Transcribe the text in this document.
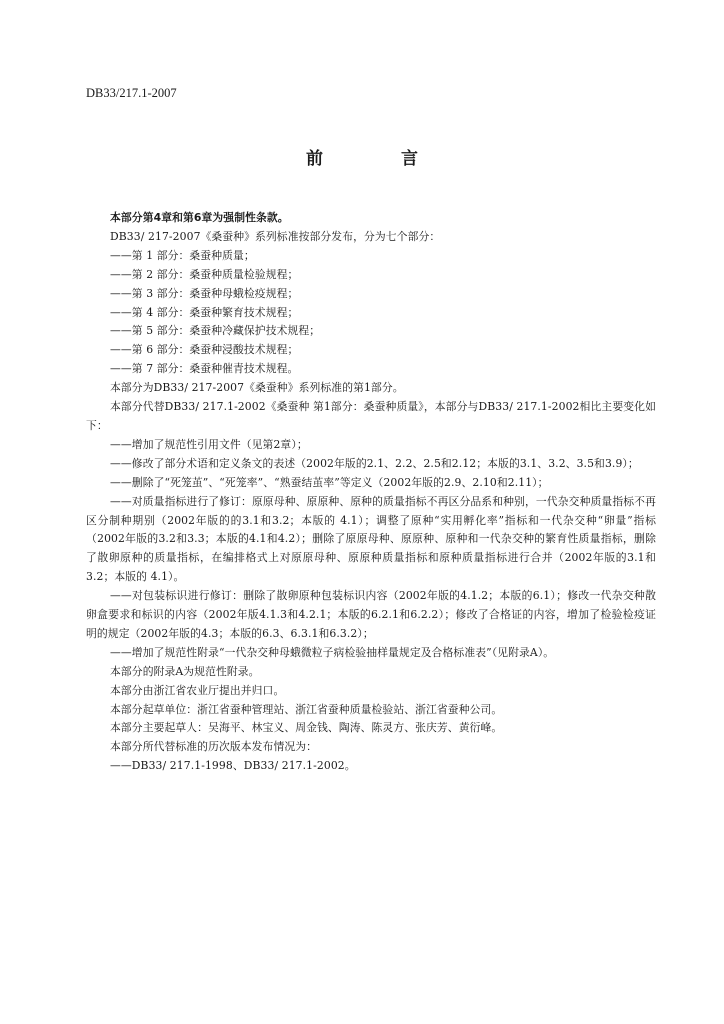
DB33/217.1-2007
前 言

本部分第4章和第6章为强制性条款。

DB33/ 217-2007《桑蚕种》系列标准按部分发布，分为七个部分：

——第 1 部分：桑蚕种质量；

——第 2 部分：桑蚕种质量检验规程；

——第 3 部分：桑蚕种母蛾检疫规程；

——第 4 部分：桑蚕种繁育技术规程；

——第 5 部分：桑蚕种冷藏保护技术规程；

——第 6 部分：桑蚕种浸酸技术规程；

——第 7 部分：桑蚕种催青技术规程。

本部分为DB33/ 217-2007《桑蚕种》系列标准的第1部分。

本部分代替DB33/ 217.1-2002《桑蚕种 第1部分：桑蚕种质量》，本部分与DB33/ 217.1-2002相比主要变化如下：

——增加了规范性引用文件（见第2章）；

——修改了部分术语和定义条文的表述（2002年版的2.1、2.2、2.5和2.12；本版的3.1、3.2、3.5和3.9）；

——删除了“死笼茧”、“死笼率”、“熟蚕结茧率”等定义（2002年版的2.9、2.10和2.11）；

——对质量指标进行了修订：原原母种、原原种、原种的质量指标不再区分品系和种别，一代杂交种质量指标不再区分制种期别（2002年版的的3.1和3.2；本版的 4.1）；调整了原种“实用孵化率”指标和一代杂交种“卵量”指标（2002年版的3.2和3.3；本版的4.1和4.2）；删除了原原母种、原原种、原种和一代杂交种的繁育性质量指标，删除了散卵原种的质量指标，在编排格式上对原原母种、原原种质量指标和原种质量指标进行合并（2002年版的3.1和3.2；本版的 4.1）。

——对包装标识进行修订：删除了散卵原种包装标识内容（2002年版的4.1.2；本版的6.1）；修改一代杂交种散卵盒要求和标识的内容（2002年版4.1.3和4.2.1；本版的6.2.1和6.2.2）；修改了合格证的内容，增加了检验检疫证明的规定（2002年版的4.3；本版的6.3、6.3.1和6.3.2）；

——增加了规范性附录“一代杂交种母蛾微粒子病检验抽样量规定及合格标准表”（见附录A）。

本部分的附录A为规范性附录。

本部分由浙江省农业厅提出并归口。

本部分起草单位：浙江省蚕种管理站、浙江省蚕种质量检验站、浙江省蚕种公司。

本部分主要起草人：吴海平、林宝义、周金钱、陶涛、陈灵方、张庆芳、黄衍峰。

本部分所代替标准的历次版本发布情况为：

——DB33/ 217.1-1998、DB33/ 217.1-2002。
